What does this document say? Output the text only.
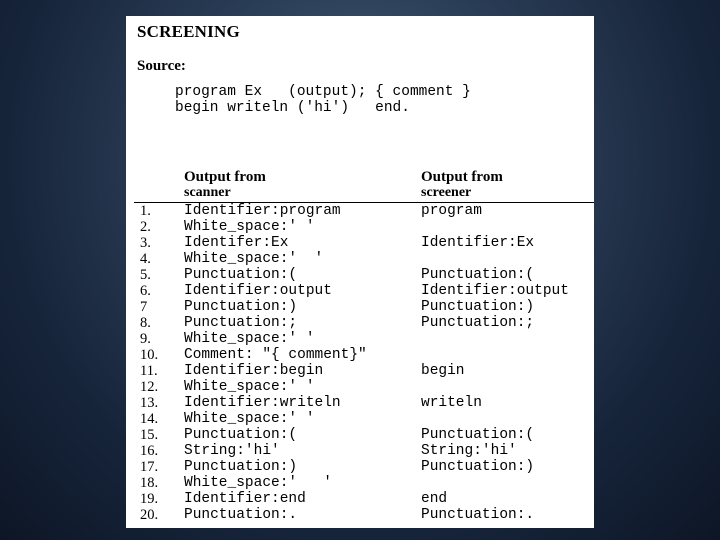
SCREENING
Source:
program Ex   (output); { comment }
begin writeln ('hi')   end.
Output from
scanner
Output from
screener
1.	Identifier:program	program
2.	White_space:' '
3.	Identifer:Ex	Identifier:Ex
4.	White_space:'  '
5.	Punctuation:(	Punctuation:(
6.	Identifier:output	Identifier:output
7	Punctuation:)	Punctuation:)
8.	Punctuation:;	Punctuation:;
9.	White_space:' '
10.	Comment: "{ comment}"
11.	Identifier:begin	begin
12.	White_space:' '
13.	Identifier:writeln	writeln
14.	White_space:' '
15.	Punctuation:(	Punctuation:(
16.	String:'hi'	String:'hi'
17.	Punctuation:)	Punctuation:)
18.	White_space:'   '
19.	Identifier:end	end
20.	Punctuation:.	Punctuation:.
